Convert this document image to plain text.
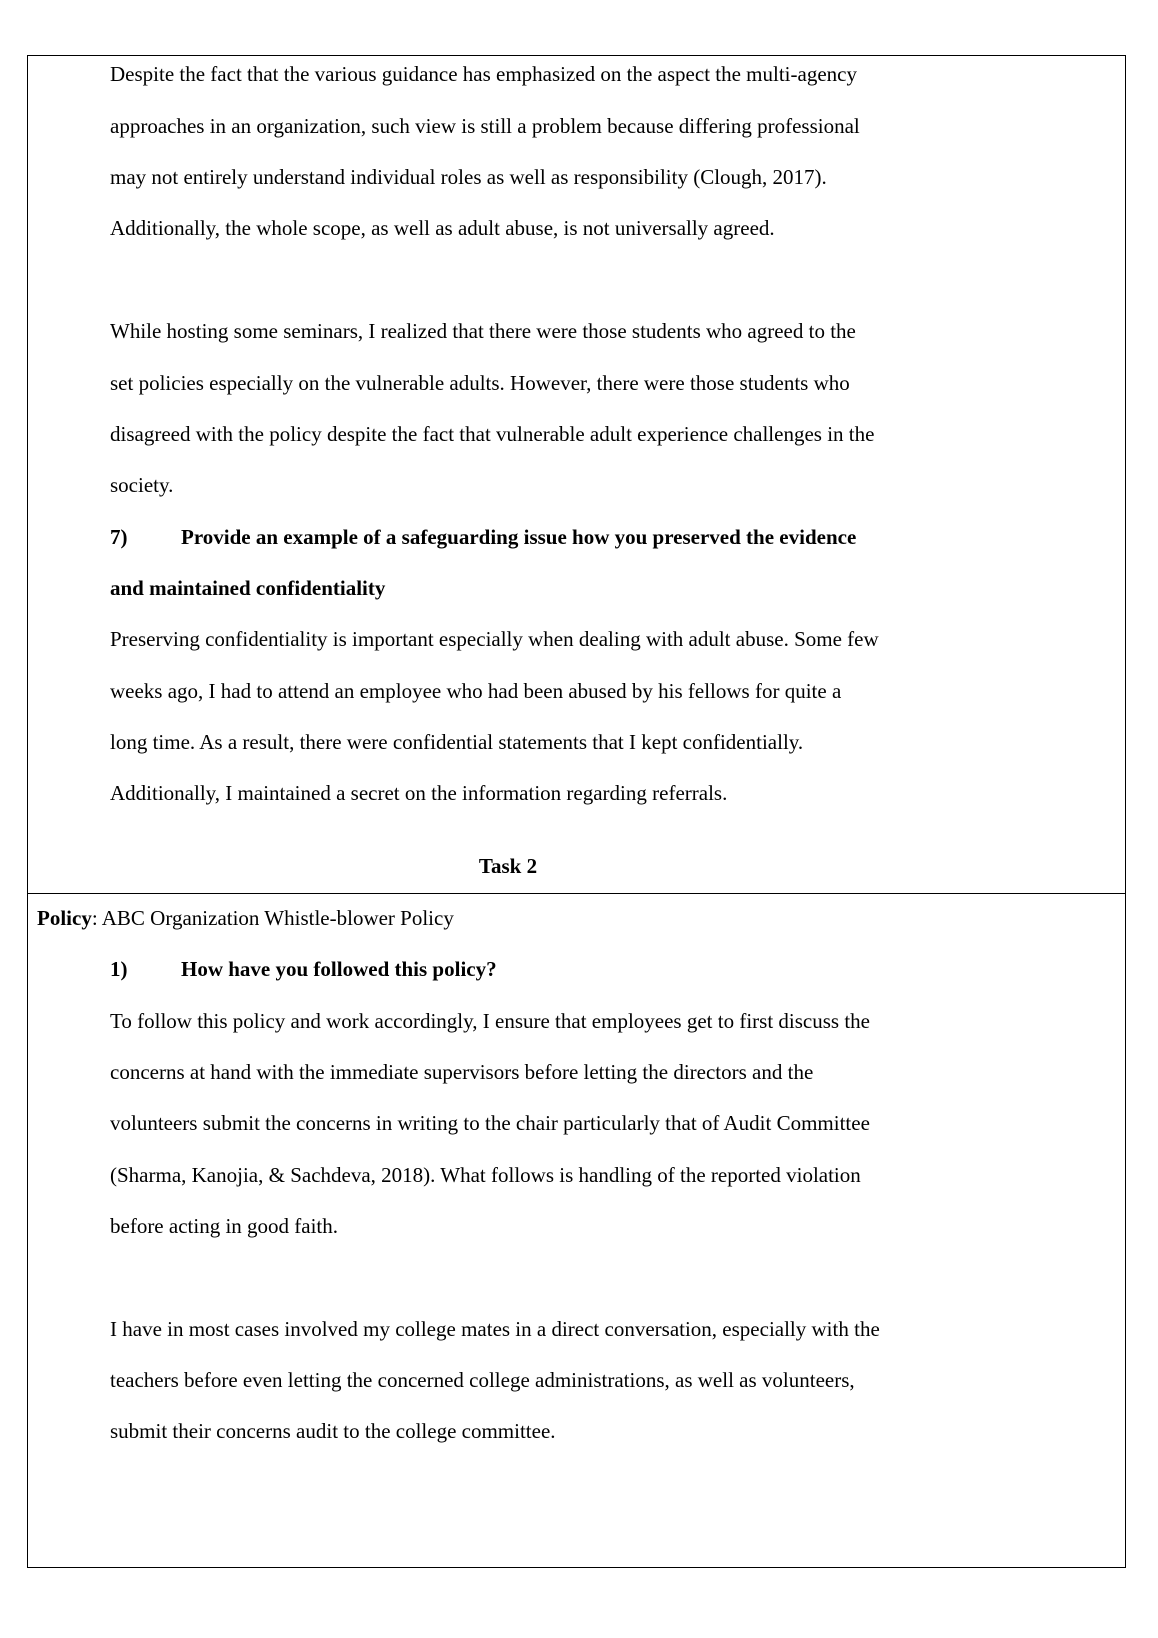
Despite the fact that the various guidance has emphasized on the aspect the multi-agency
approaches in an organization, such view is still a problem because differing professional
may not entirely understand individual roles as well as responsibility (Clough, 2017).
Additionally, the whole scope, as well as adult abuse, is not universally agreed.
While hosting some seminars, I realized that there were those students who agreed to the
set policies especially on the vulnerable adults. However, there were those students who
disagreed with the policy despite the fact that vulnerable adult experience challenges in the
society.
7)	Provide an example of a safeguarding issue how you preserved the evidence
and maintained confidentiality
Preserving confidentiality is important especially when dealing with adult abuse. Some few
weeks ago, I had to attend an employee who had been abused by his fellows for quite a
long time. As a result, there were confidential statements that I kept confidentially.
Additionally, I maintained a secret on the information regarding referrals.
Task 2
Policy: ABC Organization Whistle-blower Policy
1)	How have you followed this policy?
To follow this policy and work accordingly, I ensure that employees get to first discuss the
concerns at hand with the immediate supervisors before letting the directors and the
volunteers submit the concerns in writing to the chair particularly that of Audit Committee
(Sharma, Kanojia, & Sachdeva, 2018). What follows is handling of the reported violation
before acting in good faith.
I have in most cases involved my college mates in a direct conversation, especially with the
teachers before even letting the concerned college administrations, as well as volunteers,
submit their concerns audit to the college committee.
